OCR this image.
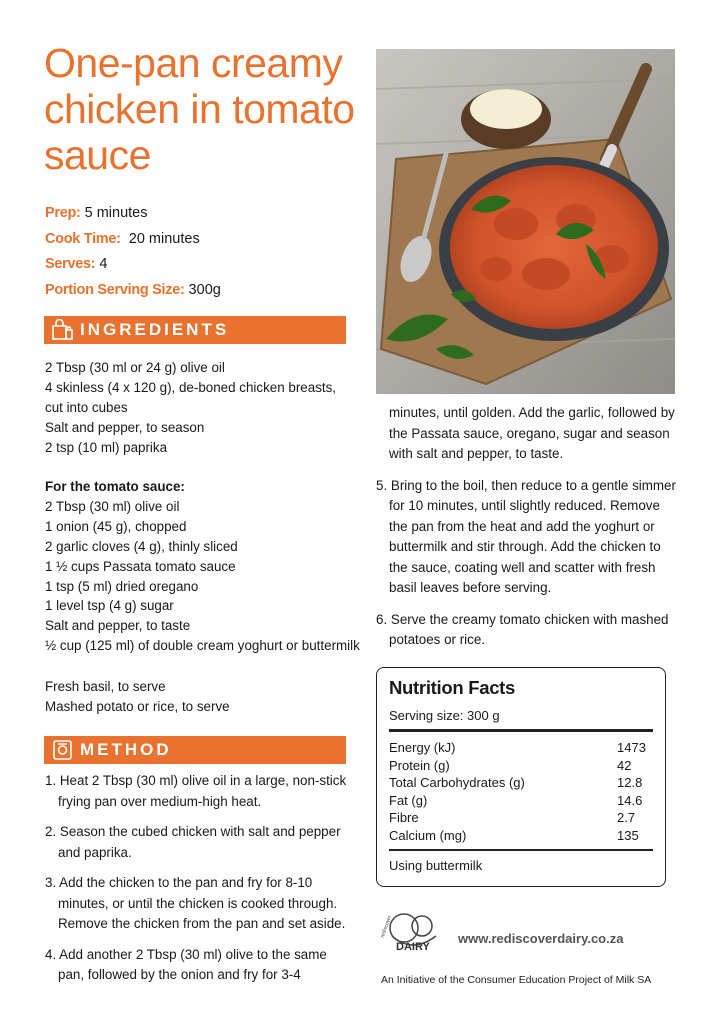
One-pan creamy chicken in tomato sauce
Prep: 5 minutes
Cook Time:  20 minutes
Serves: 4
Portion Serving Size: 300g
INGREDIENTS

2 Tbsp (30 ml or 24 g) olive oil

4 skinless (4 x 120 g), de-boned chicken breasts,

cut into cubes

Salt and pepper, to season

2 tsp (10 ml) paprika

For the tomato sauce:

2 Tbsp (30 ml) olive oil

1 onion (45 g), chopped

2 garlic cloves (4 g), thinly sliced

1 ½ cups Passata tomato sauce

1 tsp (5 ml) dried oregano

1 level tsp (4 g) sugar

Salt and pepper, to taste

½ cup (125 ml) of double cream yoghurt or buttermilk

Fresh basil, to serve

Mashed potato or rice, to serve

METHOD

1. Heat 2 Tbsp (30 ml) olive oil in a large, non-stick frying pan over medium-high heat.

2. Season the cubed chicken with salt and pepper and paprika.

3. Add the chicken to the pan and fry for 8-10 minutes, or until the chicken is cooked through. Remove the chicken from the pan and set aside.

4. Add another 2 Tbsp (30 ml) olive to the same pan, followed by the onion and fry for 3-4

minutes, until golden. Add the garlic, followed by the Passata sauce, oregano, sugar and season with salt and pepper, to taste.

5. Bring to the boil, then reduce to a gentle simmer for 10 minutes, until slightly reduced. Remove the pan from the heat and add the yoghurt or buttermilk and stir through. Add the chicken to the sauce, coating well and scatter with fresh basil leaves before serving.

6. Serve the creamy tomato chicken with mashed potatoes or rice.

Nutrition Facts
Serving size: 300 g
Energy (kJ)	1473
Protein (g)	42
Total Carbohydrates (g)	12.8
Fat (g)	14.6
Fibre	2.7
Calcium (mg)	135
Using buttermilk
DAIRY
rediscover	www.rediscoverdairy.co.za
An Initiative of the Consumer Education Project of Milk SA
